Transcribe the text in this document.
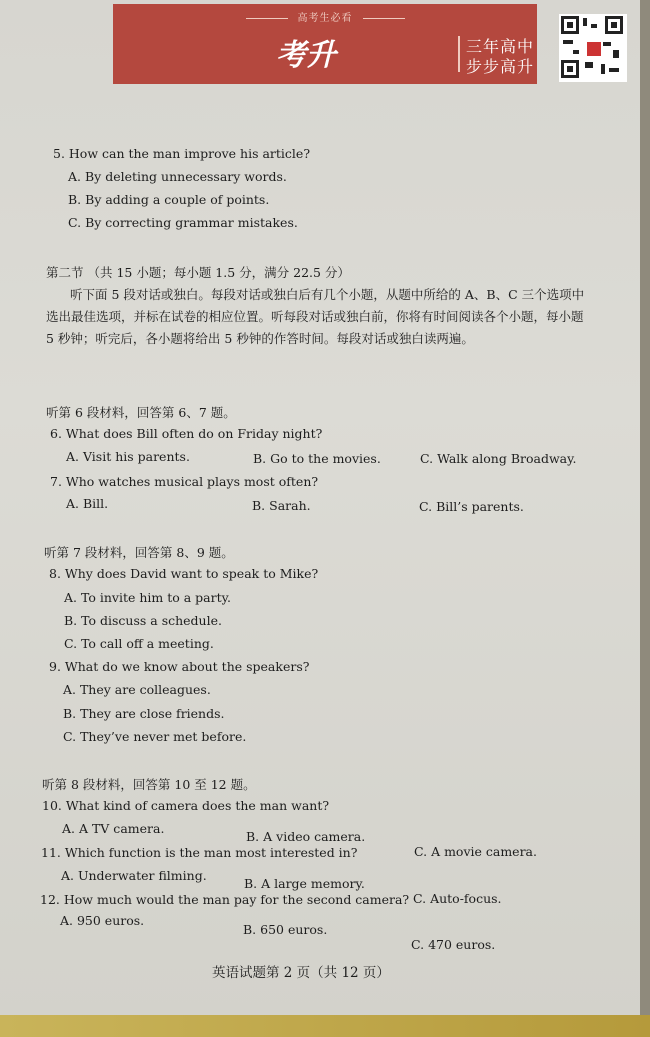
高考生必看
考升	三年高中
步步高升
5. How can the man improve his article?
A. By deleting unnecessary words.
B. By adding a couple of points.
C. By correcting grammar mistakes.
第二节 （共 15 小题；每小题 1.5 分，满分 22.5 分）
听下面 5 段对话或独白。每段对话或独白后有几个小题，从题中所给的 A、B、C 三个选项中选出最佳选项，并标在试卷的相应位置。听每段对话或独白前，你将有时间阅读各个小题，每小题 5 秒钟；听完后，各小题将给出 5 秒钟的作答时间。每段对话或独白读两遍。
听第 6 段材料，回答第 6、7 题。
6. What does Bill often do on Friday night?
A. Visit his parents.	B. Go to the movies.	C. Walk along Broadway.
7. Who watches musical plays most often?
A. Bill.	B. Sarah.	C. Bill’s parents.
听第 7 段材料，回答第 8、9 题。
8. Why does David want to speak to Mike?
A. To invite him to a party.
B. To discuss a schedule.
C. To call off a meeting.
9. What do we know about the speakers?
A. They are colleagues.
B. They are close friends.
C. They’ve never met before.
听第 8 段材料，回答第 10 至 12 题。
10. What kind of camera does the man want?
A. A TV camera.
B. A video camera.
C. A movie camera.
11. Which function is the man most interested in?
A. Underwater filming.
B. A large memory.
C. Auto-focus.
12. How much would the man pay for the second camera?
A. 950 euros.
B. 650 euros.
C. 470 euros.
英语试题第 2 页（共 12 页）
